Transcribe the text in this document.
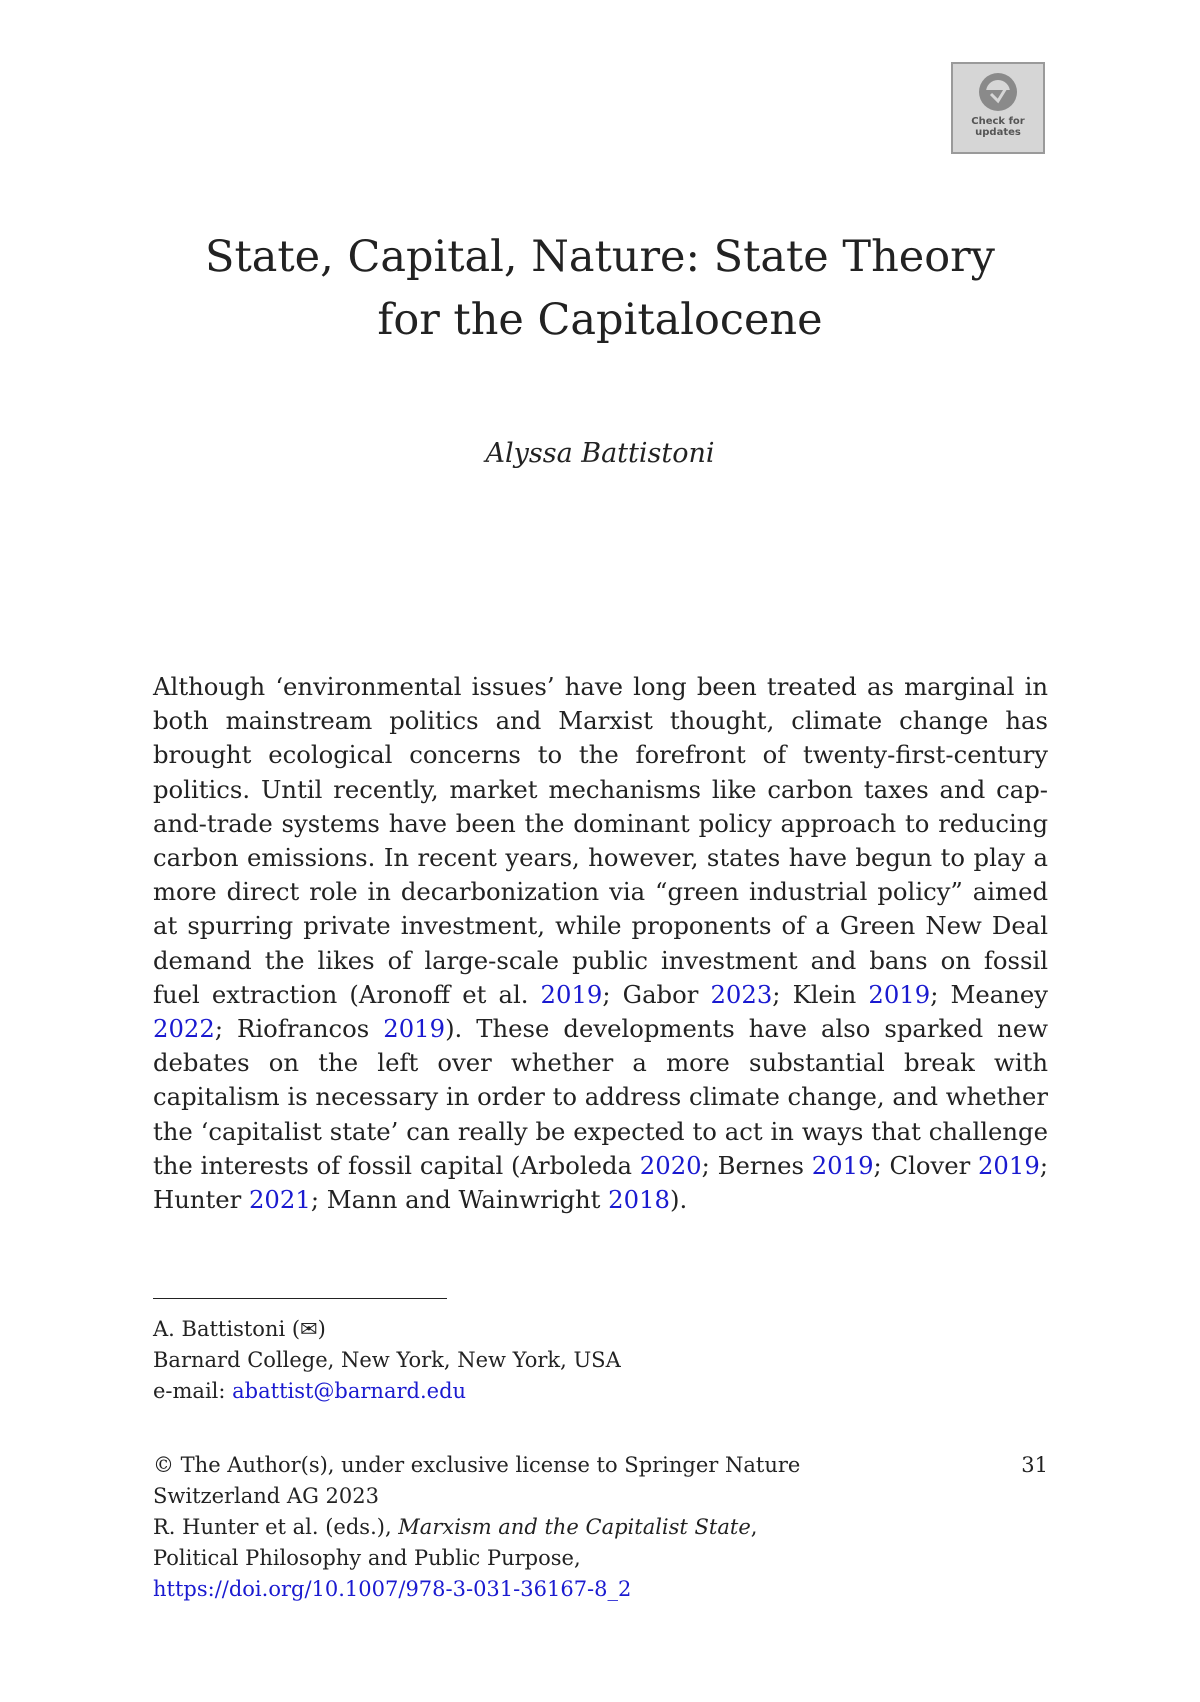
Check for
updates
State, Capital, Nature: State Theory
for the Capitalocene
Alyssa Battistoni

Although ‘environmental issues’ have long been treated as marginal in both mainstream politics and Marxist thought, climate change has brought ecological concerns to the forefront of twenty-first-century politics. Until recently, market mechanisms like carbon taxes and cap-and-trade systems have been the dominant policy approach to reducing carbon emissions. In recent years, however, states have begun to play a more direct role in decarbonization via “green industrial policy” aimed at spurring private investment, while proponents of a Green New Deal demand the likes of large-scale public investment and bans on fossil fuel extraction (Aronoff et al. 2019; Gabor 2023; Klein 2019; Meaney 2022; Riofrancos 2019). These developments have also sparked new debates on the left over whether a more substantial break with capitalism is necessary in order to address climate change, and whether the ‘capitalist state’ can really be expected to act in ways that challenge the interests of fossil capital (Arboleda 2020; Bernes 2019; Clover 2019; Hunter 2021; Mann and Wainwright 2018).

A. Battistoni (✉)
Barnard College, New York, New York, USA
e-mail: abattist@barnard.edu
© The Author(s), under exclusive license to Springer Nature
Switzerland AG 2023
R. Hunter et al. (eds.), Marxism and the Capitalist State,
Political Philosophy and Public Purpose,
https://doi.org/10.1007/978-3-031-36167-8_2
31
